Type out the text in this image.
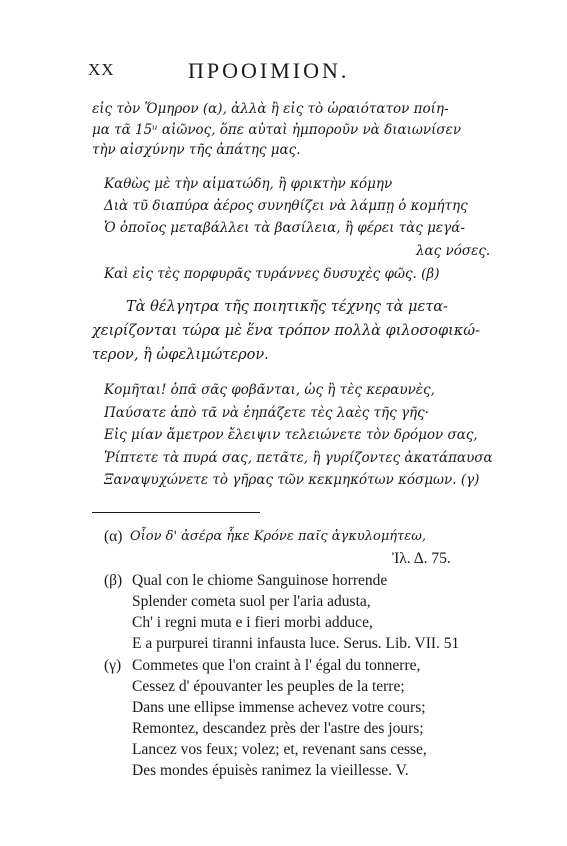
XX	ΠΡΟΟΙΜΙΟΝ.
εἰς τὸν Ὅμηρον (α), ἀλλὰ ἢ εἰς τὸ ὡραιότατον ποίη-
μα τᾶ 15ᵘ αἰῶνος, ὅπε αὐταὶ ἠμποροῦν νὰ διαιωνίσεν
τὴν αἰσχύνην τῆς ἀπάτης μας.
Καθὼς μὲ τὴν αἱματώδη, ἢ φρικτὴν κόμην
Διὰ τῦ διαπύρα ἀέρος συνηθίζει νὰ λάμπῃ ὁ κομήτης
Ὁ ὁποῖος μεταβάλλει τὰ βασίλεια, ἢ φέρει τὰς μεγά-
λας νόσες.
Καὶ εἰς τὲς πορφυρᾶς τυράννες δυσυχὲς φῶς. (β)
Τὰ θέλγητρα τῆς ποιητικῆς τέχνης τὰ μετα-
χειρίζονται τώρα μὲ ἕνα τρόπον πολλὰ φιλοσοφικώ-
τερον, ἢ ὠφελιμώτερον.
Κομῆται! ὁπᾶ σᾶς φοβᾶνται, ὡς ἢ τὲς κεραυνὲς,
Παύσατε ἀπὸ τᾶ νὰ ἐηπάζετε τὲς λαὲς τῆς γῆς·
Εἰς μίαν ἄμετρον ἔλειψιν τελειώνετε τὸν δρόμον σας,
Ῥίπτετε τὰ πυρά σας, πετᾶτε, ἢ γυρίζοντες ἀκατάπαυσα
Ξαναψυχώνετε τὸ γῆρας τῶν κεκμηκότων κόσμων. (γ)
(α) Οἷον δ' ἀσέρα ἧκε Κρόνε παῖς ἀγκυλομήτεω,
Ἰλ. Δ. 75.
(β) Qual con le chiome Sanguinose horrende
Splender cometa suol per l'aria adusta,
Ch' i regni muta e i fieri morbi adduce,
E a purpurei tiranni infausta luce. Serus. Lib. VII. 51
(γ) Commetes que l'on craint à l' égal du tonnerre,
Cessez d' épouvanter les peuples de la terre;
Dans une ellipse immense achevez votre cours;
Remontez, descandez près der l'astre des jours;
Lancez vos feux; volez; et, revenant sans cesse,
Des mondes épuisès ranimez la vieillesse. V.
